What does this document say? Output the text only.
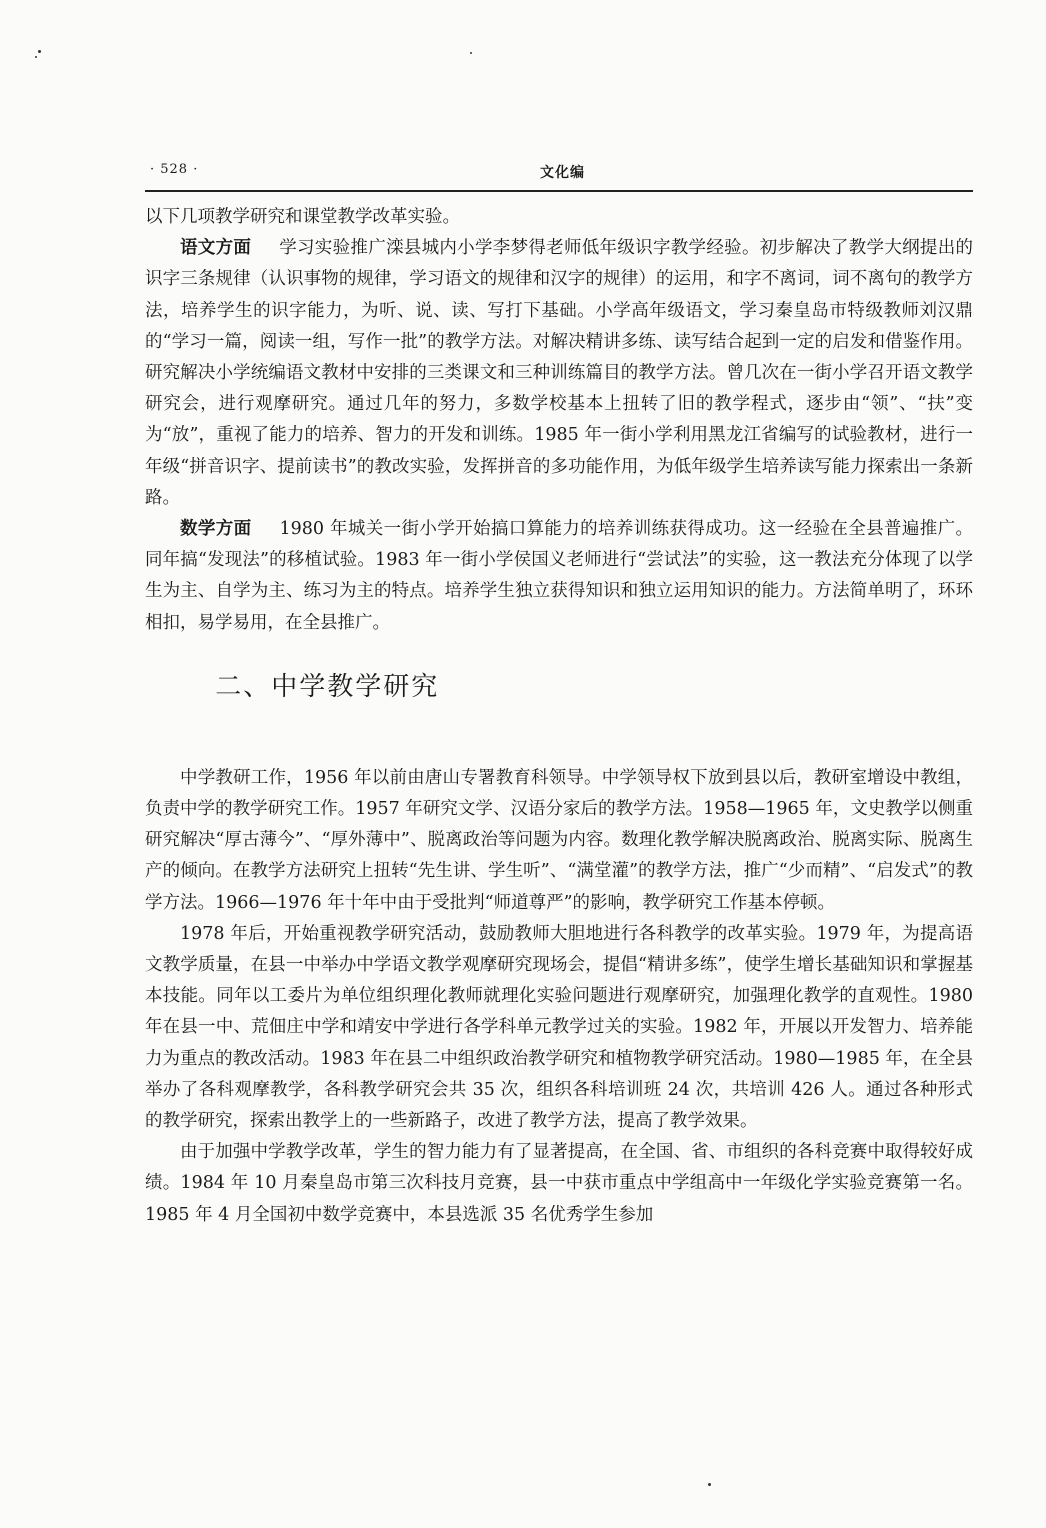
· 528 ·	文化编

以下几项教学研究和课堂教学改革实验。

语文方面 学习实验推广滦县城内小学李梦得老师低年级识字教学经验。初步解决了教学大纲提出的识字三条规律（认识事物的规律，学习语文的规律和汉字的规律）的运用，和字不离词，词不离句的教学方法，培养学生的识字能力，为听、说、读、写打下基础。小学高年级语文，学习秦皇岛市特级教师刘汉鼎的“学习一篇，阅读一组，写作一批”的教学方法。对解决精讲多练、读写结合起到一定的启发和借鉴作用。研究解决小学统编语文教材中安排的三类课文和三种训练篇目的教学方法。曾几次在一街小学召开语文教学研究会，进行观摩研究。通过几年的努力，多数学校基本上扭转了旧的教学程式，逐步由“领”、“扶”变为“放”，重视了能力的培养、智力的开发和训练。1985 年一街小学利用黑龙江省编写的试验教材，进行一年级“拼音识字、提前读书”的教改实验，发挥拼音的多功能作用，为低年级学生培养读写能力探索出一条新路。

数学方面 1980 年城关一街小学开始搞口算能力的培养训练获得成功。这一经验在全县普遍推广。同年搞“发现法”的移植试验。1983 年一街小学侯国义老师进行“尝试法”的实验，这一教法充分体现了以学生为主、自学为主、练习为主的特点。培养学生独立获得知识和独立运用知识的能力。方法简单明了，环环相扣，易学易用，在全县推广。

二、中学教学研究

中学教研工作，1956 年以前由唐山专署教育科领导。中学领导权下放到县以后，教研室增设中教组，负责中学的教学研究工作。1957 年研究文学、汉语分家后的教学方法。1958—1965 年，文史教学以侧重研究解决“厚古薄今”、“厚外薄中”、脱离政治等问题为内容。数理化教学解决脱离政治、脱离实际、脱离生产的倾向。在教学方法研究上扭转“先生讲、学生听”、“满堂灌”的教学方法，推广“少而精”、“启发式”的教学方法。1966—1976 年十年中由于受批判“师道尊严”的影响，教学研究工作基本停顿。

1978 年后，开始重视教学研究活动，鼓励教师大胆地进行各科教学的改革实验。1979 年，为提高语文教学质量，在县一中举办中学语文教学观摩研究现场会，提倡“精讲多练”，使学生增长基础知识和掌握基本技能。同年以工委片为单位组织理化教师就理化实验问题进行观摩研究，加强理化教学的直观性。1980 年在县一中、荒佃庄中学和靖安中学进行各学科单元教学过关的实验。1982 年，开展以开发智力、培养能力为重点的教改活动。1983 年在县二中组织政治教学研究和植物教学研究活动。1980—1985 年，在全县举办了各科观摩教学，各科教学研究会共 35 次，组织各科培训班 24 次，共培训 426 人。通过各种形式的教学研究，探索出教学上的一些新路子，改进了教学方法，提高了教学效果。

由于加强中学教学改革，学生的智力能力有了显著提高，在全国、省、市组织的各科竞赛中取得较好成绩。1984 年 10 月秦皇岛市第三次科技月竞赛，县一中获市重点中学组高中一年级化学实验竞赛第一名。1985 年 4 月全国初中数学竞赛中，本县选派 35 名优秀学生参加
